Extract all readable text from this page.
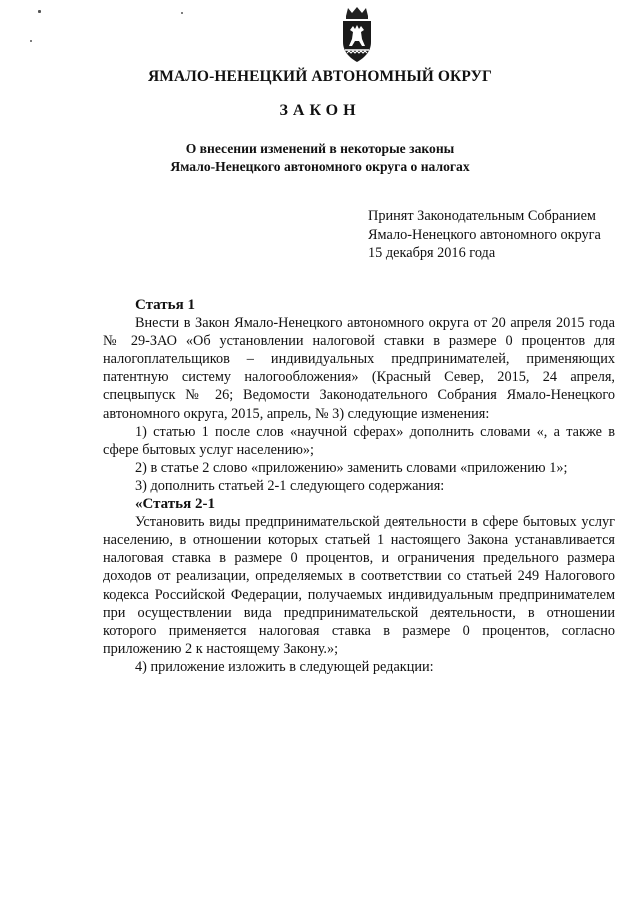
ЯМАЛО-НЕНЕЦКИЙ АВТОНОМНЫЙ ОКРУГ
ЗАКОН
О внесении изменений в некоторые законы
Ямало-Ненецкого автономного округа о налогах
Принят Законодательным Собранием
Ямало-Ненецкого автономного округа
15 декабря 2016 года

Статья 1

Внести в Закон Ямало-Ненецкого автономного округа от 20 апреля 2015 года № 29-ЗАО «Об установлении налоговой ставки в размере 0 процентов для налогоплательщиков – индивидуальных предпринимателей, применяющих патентную систему налогообложения» (Красный Север, 2015, 24 апреля, спецвыпуск № 26; Ведомости Законодательного Собрания Ямало-Ненецкого автономного округа, 2015, апрель, № 3) следующие изменения:

1) статью 1 после слов «научной сферах» дополнить словами «, а также в сфере бытовых услуг населению»;

2) в статье 2 слово «приложению» заменить словами «приложению 1»;

3) дополнить статьей 2-1 следующего содержания:

«Статья 2-1

Установить виды предпринимательской деятельности в сфере бытовых услуг населению, в отношении которых статьей 1 настоящего Закона устанавливается налоговая ставка в размере 0 процентов, и ограничения предельного размера доходов от реализации, определяемых в соответствии со статьей 249 Налогового кодекса Российской Федерации, получаемых индивидуальным предпринимателем при осуществлении вида предпринимательской деятельности, в отношении которого применяется налоговая ставка в размере 0 процентов, согласно приложению 2 к настоящему Закону.»;

4) приложение изложить в следующей редакции:
